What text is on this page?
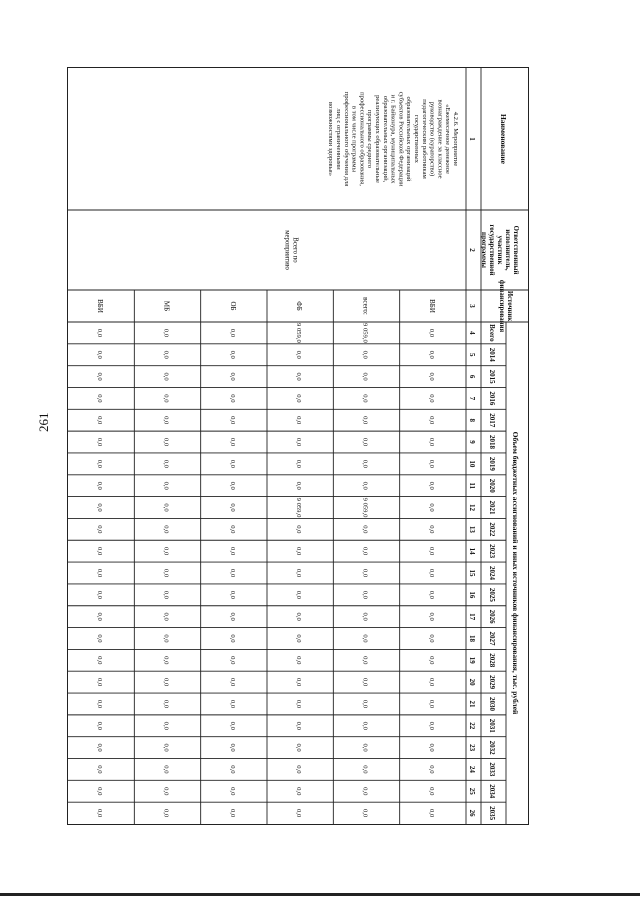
261
Наименование
Ответственный
исполнитель,
участник
государственной
программы
Источник
финансирования
Объем бюджетных ассигнований и иных источников финансирования, тыс. рублей
Всего
2014
2015
2016
2017
2018
2019
2020
2021
2022
2023
2024
2025
2026
2027
2028
2029
2030
2031
2032
2033
2034
2035
1
2
3
4
5
6
7
8
9
10
11
12
13
14
15
16
17
18
19
20
21
22
23
24
25
26
4.2.6. Мероприятие
«Ежемесячное денежное
вознаграждение за классное
руководство (кураторство)
педагогическим работникам
государственных
образовательных организаций
субъектов Российской Федерации
и г. Байконура, муниципальных
образовательных организаций,
реализующих образовательные
программы среднего
профессионального образования,
в том числе программы
профессионального обучения для
лиц с ограниченными
возможностями здоровья»
Всего по
мероприятию
ВБИ
0,0
0,0
0,0
0,0
0,0
0,0
0,0
0,0
0,0
0,0
0,0
0,0
0,0
0,0
0,0
0,0
0,0
0,0
0,0
0,0
0,0
0,0
0,0
всего:
9 059,0
0,0
0,0
0,0
0,0
0,0
0,0
0,0
9 059,0
0,0
0,0
0,0
0,0
0,0
0,0
0,0
0,0
0,0
0,0
0,0
0,0
0,0
0,0
ФБ
9 059,0
0,0
0,0
0,0
0,0
0,0
0,0
0,0
9 059,0
0,0
0,0
0,0
0,0
0,0
0,0
0,0
0,0
0,0
0,0
0,0
0,0
0,0
0,0
ОБ
0,0
0,0
0,0
0,0
0,0
0,0
0,0
0,0
0,0
0,0
0,0
0,0
0,0
0,0
0,0
0,0
0,0
0,0
0,0
0,0
0,0
0,0
0,0
МБ
0,0
0,0
0,0
0,0
0,0
0,0
0,0
0,0
0,0
0,0
0,0
0,0
0,0
0,0
0,0
0,0
0,0
0,0
0,0
0,0
0,0
0,0
0,0
ВБИ
0,0
0,0
0,0
0,0
0,0
0,0
0,0
0,0
0,0
0,0
0,0
0,0
0,0
0,0
0,0
0,0
0,0
0,0
0,0
0,0
0,0
0,0
0,0
